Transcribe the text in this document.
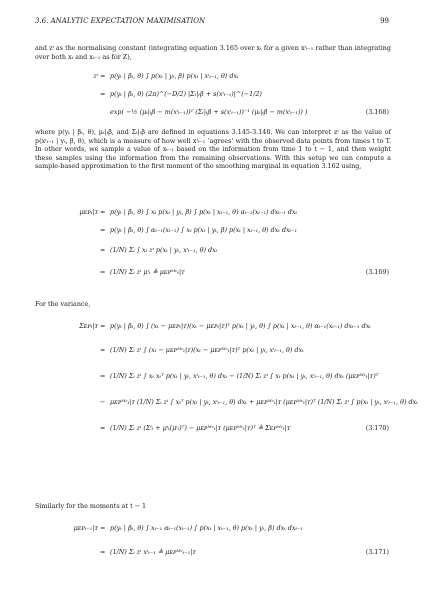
3.6. ANALYTIC EXPECTATION MAXIMISATION	99
and zⁱ as the normalising constant (integrating equation 3.165 over xₜ for a given xⁱₜ₋₁ rather than integrating over both xₜ and xₜ₋₁ as for Z),
zⁱ = p(yₜ | βₜ, θ) ∫ p(xₜ | yₜ, β) p(xₜ | xⁱₜ₋₁, θ) dxₜ
= p(yₜ | βₜ, θ) (2π)^(−D/2) |Σₜ|ₜβ + s(xⁱₜ₋₁)|^(−1/2)
exp( −½ (μₜ|ₜβ − m(xⁱₜ₋₁))ᵀ (Σₜ|ₜβ + s(xⁱₜ₋₁))⁻¹ (μₜ|ₜβ − m(xⁱₜ₋₁)) )	(3.168)
where p(yₜ | βₜ, θ), μₜ|ₜβ, and Σₜ|ₜβ are defined in equations 3.145-3.148. We can interpret zⁱ as the value of p(xⁱₜ₋₁ | yₜ, β, θ), which is a measure of how well xⁱₜ₋₁ ‘agrees’ with the observed data points from times t to T. In other words, we sample a value of xₜ₋₁ based on the information from time 1 to t − 1, and then weight these samples using the information from the remaining observations. With this setup we can compute a sample-based approximation to the first moment of the smoothing marginal in equation 3.162 using,
μᴇᴘₜ|ᴛ = p(yₜ | βₜ, θ) ∫ xₜ p(xₜ | yₜ, β) ∫ p(xₜ | xₜ₋₁, θ) αₜ₋₁(xₜ₋₁) dxₜ₋₁ dxₜ
= p(yₜ | βₜ, θ) ∫ αₜ₋₁(xₜ₋₁) ∫ xₜ p(xₜ | yₜ, β) p(xₜ | xₜ₋₁, θ) dxₜ dxₜ₋₁
≈ (1/N) Σᵢ ∫ xₜ zⁱ p(xₜ | yₜ, xⁱₜ₋₁, θ) dxₜ
= (1/N) Σᵢ zⁱ μⁱₜ ≜ μᴇᴘᴹᶜₜ|ᴛ	(3.169)
For the variance,
Σᴇᴘₜ|ᴛ = p(yₜ | βₜ, θ) ∫ (xₜ − μᴇᴘₜ|ᴛ)(xₜ − μᴇᴘₜ|ᴛ)ᵀ p(xₜ | yₜ, θ) ∫ p(xₜ | xₜ₋₁, θ) αₜ₋₁(xₜ₋₁) dxₜ₋₁ dxₜ
≈ (1/N) Σᵢ zⁱ ∫ (xₜ − μᴇᴘᴹᶜₜ|ᴛ)(xₜ − μᴇᴘᴹᶜₜ|ᴛ)ᵀ p(xₜ | yₜ, xⁱₜ₋₁, θ) dxₜ
= (1/N) Σᵢ zⁱ ∫ xₜ xₜᵀ p(xₜ | yₜ, xⁱₜ₋₁, θ) dxₜ − (1/N) Σᵢ zⁱ ∫ xₜ p(xₜ | yₜ, xⁱₜ₋₁, θ) dxₜ (μᴇᴘᴹᶜₜ|ᴛ)ᵀ
− μᴇᴘᴹᶜₜ|ᴛ (1/N) Σᵢ zⁱ ∫ xₜᵀ p(xₜ | yₜ, xⁱₜ₋₁, θ) dxₜ + μᴇᴘᴹᶜₜ|ᴛ (μᴇᴘᴹᶜₜ|ᴛ)ᵀ (1/N) Σᵢ zⁱ ∫ p(xₜ | yₜ, xⁱₜ₋₁, θ) dxₜ
= (1/N) Σᵢ zⁱ (Σⁱₜ + μⁱₜ(μⁱₜ)ᵀ) − μᴇᴘᴹᶜₜ|ᴛ (μᴇᴘᴹᶜₜ|ᴛ)ᵀ ≜ Σᴇᴘᴹᶜₜ|ᴛ	(3.170)
Similarly for the moments at t − 1
μᴇᴘₜ₋₁|ᴛ = p(yₜ | βₜ, θ) ∫ xₜ₋₁ αₜ₋₁(xₜ₋₁) ∫ p(xₜ | xₜ₋₁, θ) p(xₜ | yₜ, β) dxₜ dxₜ₋₁
≈ (1/N) Σᵢ zⁱ xⁱₜ₋₁ ≜ μᴇᴘᴹᶜₜ₋₁|ᴛ	(3.171)
